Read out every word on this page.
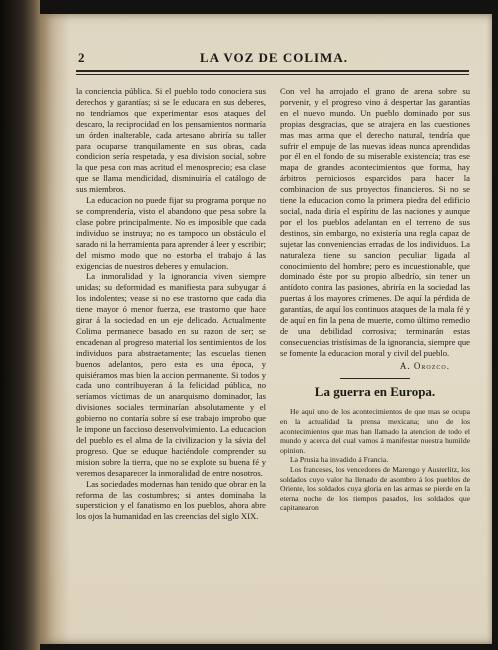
2	LA VOZ DE COLIMA.

la conciencia pública. Si el pueblo todo conociera sus derechos y garantías; si se le educara en sus deberes, no tendríamos que experimentar esos ataques del descaro, la reciprocidad en los pensamientos normaría un órden inalterable, cada artesano abriría su taller para ocuparse tranquilamente en sus obras, cada condicion sería respetada, y esa division social, sobre la que pesa con mas acritud el menosprecio; esa clase que se llama mendicidad, disminuiría el catálogo de sus miembros.

La educacion no puede fijar su programa porque no se comprendería, visto el abandono que pesa sobre la clase pobre principalmente. No es imposible que cada individuo se instruya; no es tampoco un obstáculo el sarado ni la herramienta para aprender á leer y escribir; del mismo modo que no estorba el trabajo á las exigencias de nuestros deberes y emulacion.

La inmoralidad y la ignorancia viven siempre unidas; su deformidad es manifiesta para subyugar á los indolentes; vease si no ese trastorno que cada dia tiene mayor ó menor fuerza, ese trastorno que hace girar á la sociedad en un eje delicado. Actualmente Colima permanece basado en su razon de ser; se encadenan al progreso material los sentimientos de los individuos para abstraetamente; las escuelas tienen buenos adelantos, pero esta es una época, y quisiéramos mas bien la accion permanente. Si todos y cada uno contribuyeran á la felicidad pública, no seríamos víctimas de un anarquismo dominador, las divisiones sociales terminarían absolutamente y el gobierno no contaría sobre sí ese trabajo improbo que le impone un faccioso desenvolvimiento. La educacion del pueblo es el alma de la civilizacion y la sávia del progreso. Que se eduque haciéndole comprender su mision sobre la tierra, que no se explote su buena fé y veremos desaparecer la inmoralidad de entre nosotros.

Las sociedades modernas han tenido que obrar en la reforma de las costumbres; si antes dominaba la supersticion y el fanatismo en los pueblos, ahora abre los ojos la humanidad en las creencias del siglo XIX.

Con vel ha arrojado el grano de arena sobre su porvenir, y el progreso vino á despertar las garantías en el nuevo mundo. Un pueblo dominado por sus propias desgracias, que se atrajera en las cuestiones mas mas arma que el derecho natural, tendría que sufrir el empuje de las nuevas ideas nunca aprendidas por él en el fondo de su miserable existencia; tras ese mapa de grandes acontecimientos que forma, hay árbitros perniciosos esparcidos para hacer la combinacion de sus proyectos financieros. Si no se tiene la educacion como la primera piedra del edificio social, nada diría el espíritu de las naciones y aunque por el los pueblos adelantan en el terreno de sus destinos, sin embargo, no existería una regla capaz de sujetar las conveniencias erradas de los individuos. La naturaleza tiene su sancion peculiar ligada al conocimiento del hombre; pero es incuestionable, que dominado éste por su propio albedrío, sin tener un antídoto contra las pasiones, abriría en la sociedad las puertas á los mayores crímenes. De aquí la pérdida de garantías, de aquí los continuos ataques de la mala fé y de aquí en fin la pena de muerte, como último remedio de una debilidad corrosiva; terminarán estas consecuencias tristísimas de la ignorancia, siempre que se fomente la educacion moral y civil del pueblo.

A. Orozco.
La guerra en Europa.

He aquí uno de los acontecimientos de que mas se ocupa en la actualidad la prensa mexicana; uno de los acontecimientos que mas han llamado la atencion de todo el mundo y acerca del cual vamos á manifestar nuestra humilde opinion.

La Prusia ha invadido á Francia.

Los franceses, los vencedores de Marengo y Austerlitz, los soldados cuyo valor ha llenado de asombro á los pueblos de Oriente, los soldados cuya gloria en las armas se pierde en la eterna noche de los tiempos pasados, los soldados que capitanearon
